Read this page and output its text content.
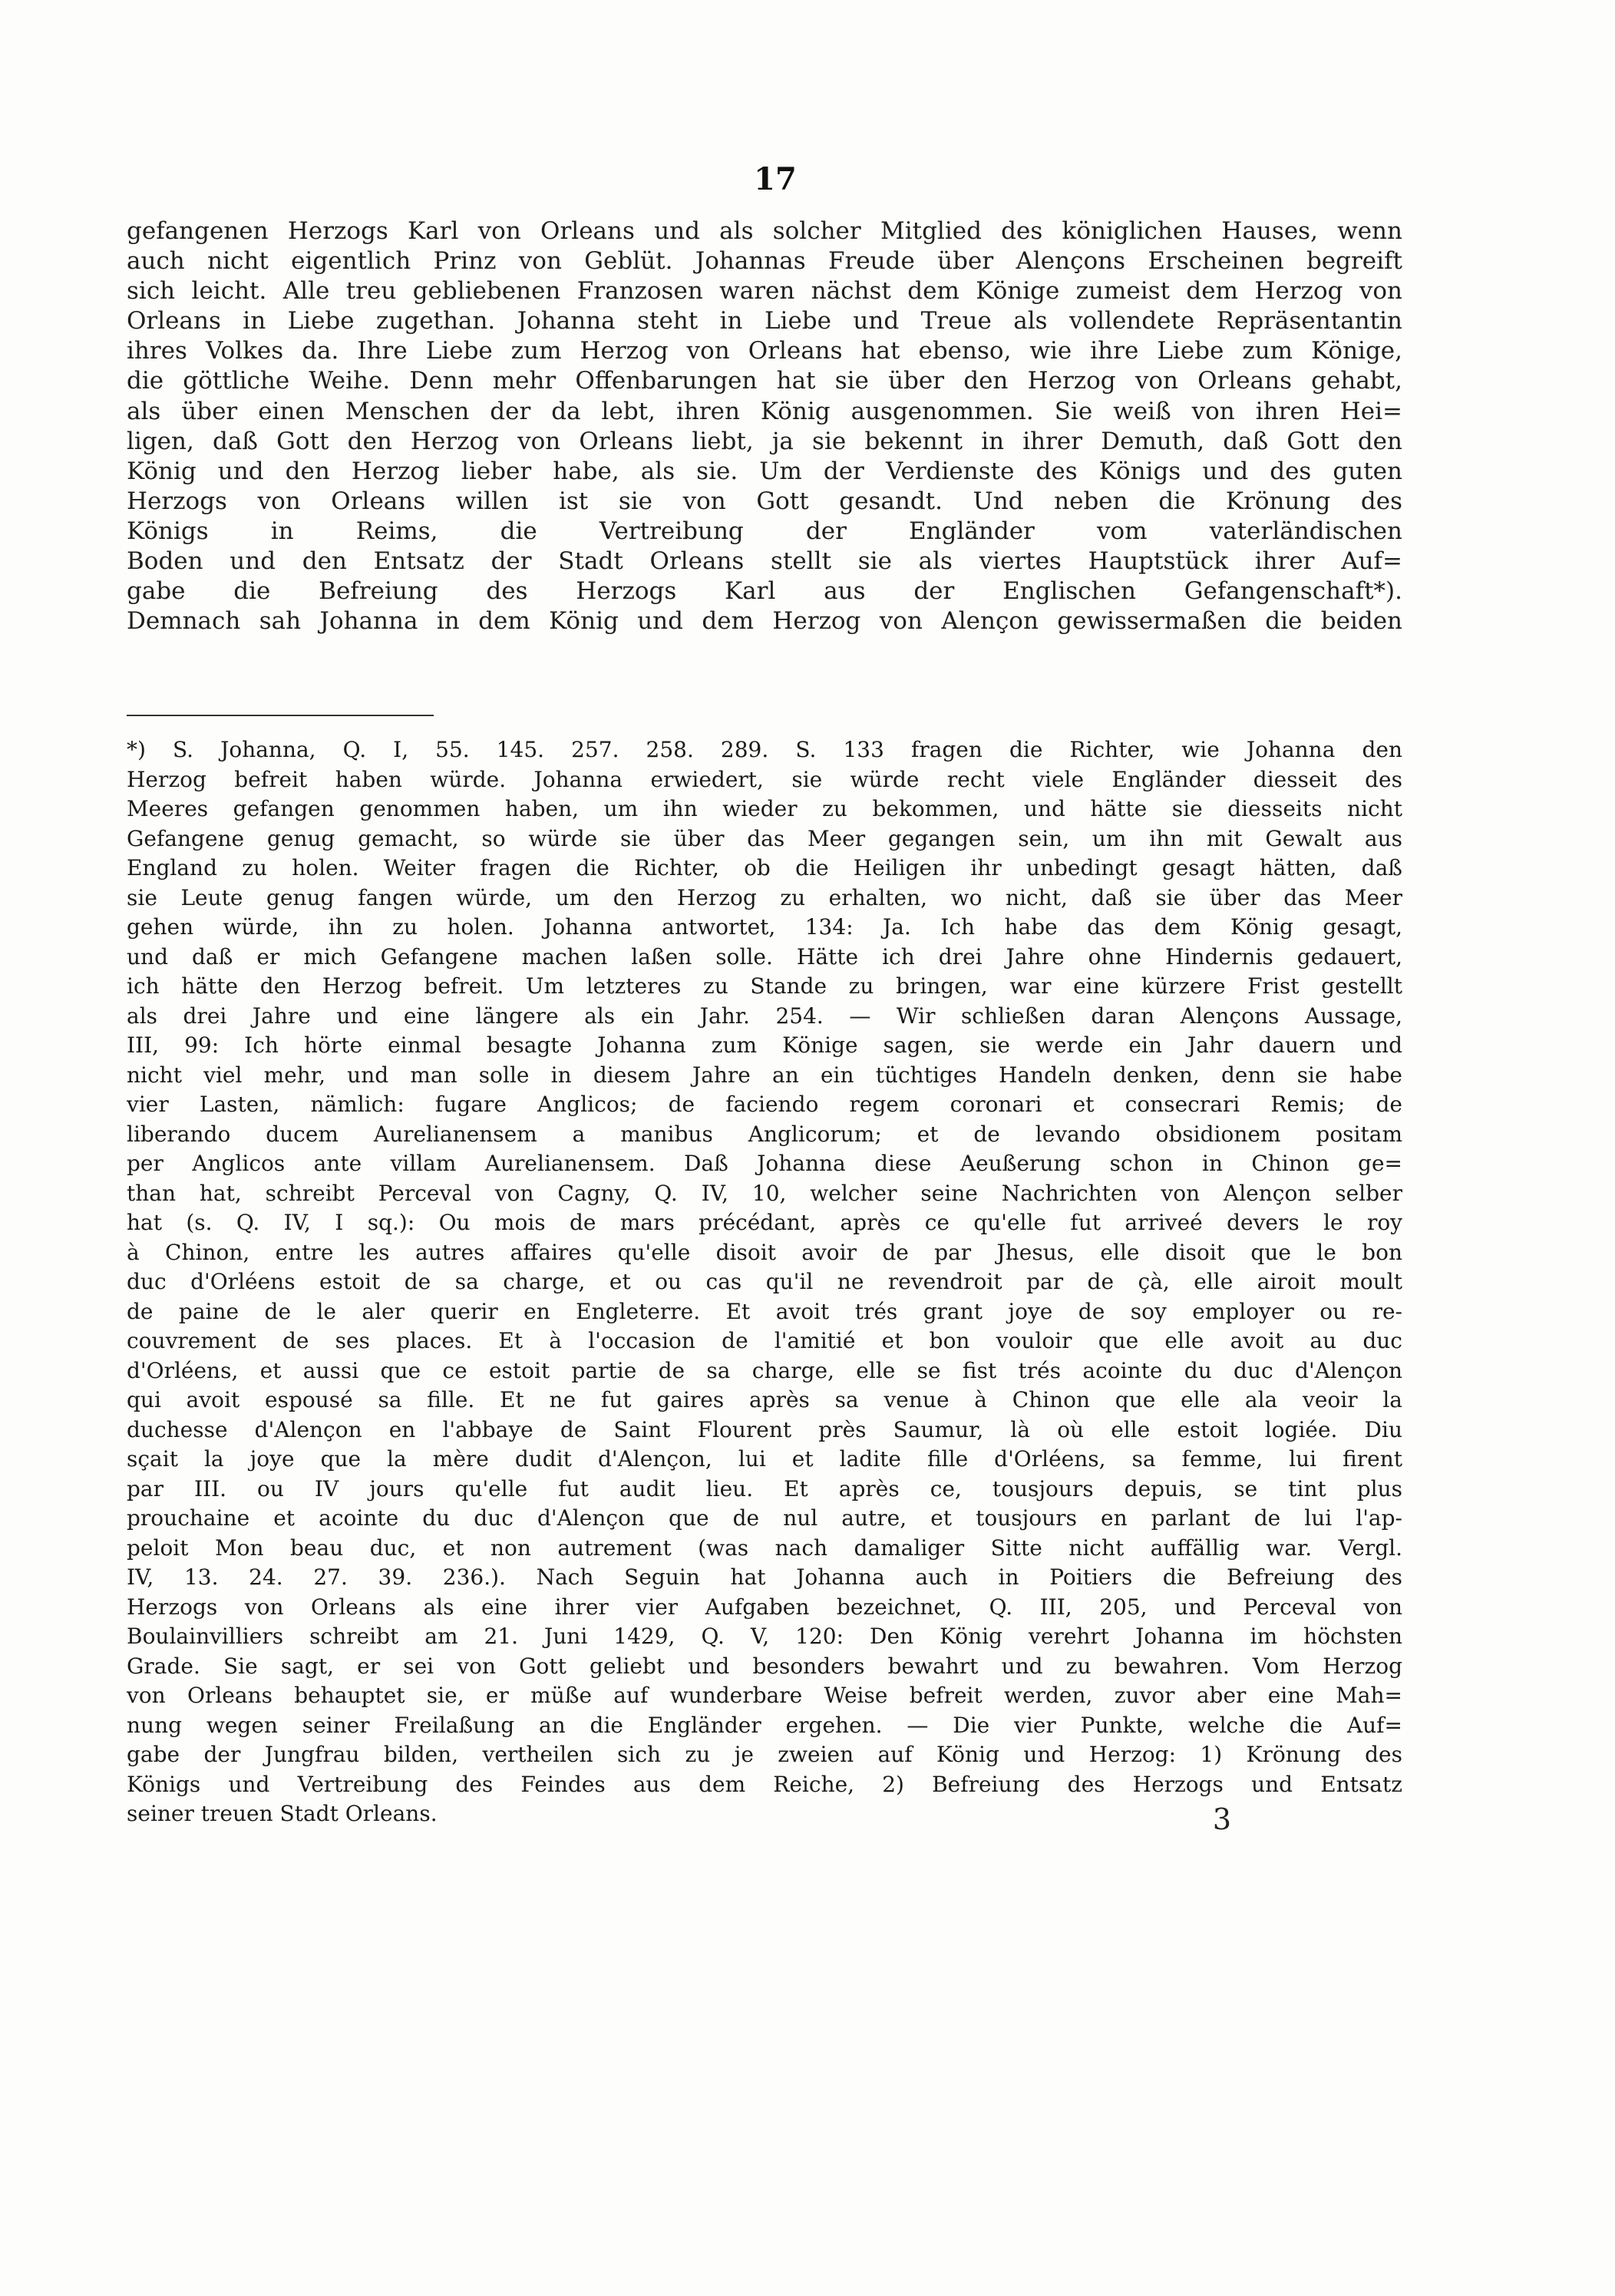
17
gefangenen Herzogs Karl von Orleans und als solcher Mitglied des königlichen Hauses, wenn
auch nicht eigentlich Prinz von Geblüt. Johannas Freude über Alençons Erscheinen begreift
sich leicht. Alle treu gebliebenen Franzosen waren nächst dem Könige zumeist dem Herzog von
Orleans in Liebe zugethan. Johanna steht in Liebe und Treue als vollendete Repräsentantin
ihres Volkes da. Ihre Liebe zum Herzog von Orleans hat ebenso, wie ihre Liebe zum Könige,
die göttliche Weihe. Denn mehr Offenbarungen hat sie über den Herzog von Orleans gehabt,
als über einen Menschen der da lebt, ihren König ausgenommen. Sie weiß von ihren Hei=
ligen, daß Gott den Herzog von Orleans liebt, ja sie bekennt in ihrer Demuth, daß Gott den
König und den Herzog lieber habe, als sie. Um der Verdienste des Königs und des guten
Herzogs von Orleans willen ist sie von Gott gesandt. Und neben die Krönung des
Königs in Reims, die Vertreibung der Engländer vom vaterländischen
Boden und den Entsatz der Stadt Orleans stellt sie als viertes Hauptstück ihrer Auf=
gabe die Befreiung des Herzogs Karl aus der Englischen Gefangenschaft*).
Demnach sah Johanna in dem König und dem Herzog von Alençon gewissermaßen die beiden
*) S. Johanna, Q. I, 55. 145. 257. 258. 289. S. 133 fragen die Richter, wie Johanna den
Herzog befreit haben würde. Johanna erwiedert, sie würde recht viele Engländer diesseit des
Meeres gefangen genommen haben, um ihn wieder zu bekommen, und hätte sie diesseits nicht
Gefangene genug gemacht, so würde sie über das Meer gegangen sein, um ihn mit Gewalt aus
England zu holen. Weiter fragen die Richter, ob die Heiligen ihr unbedingt gesagt hätten, daß
sie Leute genug fangen würde, um den Herzog zu erhalten, wo nicht, daß sie über das Meer
gehen würde, ihn zu holen. Johanna antwortet, 134: Ja. Ich habe das dem König gesagt,
und daß er mich Gefangene machen laßen solle. Hätte ich drei Jahre ohne Hindernis gedauert,
ich hätte den Herzog befreit. Um letzteres zu Stande zu bringen, war eine kürzere Frist gestellt
als drei Jahre und eine längere als ein Jahr. 254. — Wir schließen daran Alençons Aussage,
III, 99: Ich hörte einmal besagte Johanna zum Könige sagen, sie werde ein Jahr dauern und
nicht viel mehr, und man solle in diesem Jahre an ein tüchtiges Handeln denken, denn sie habe
vier Lasten, nämlich: fugare Anglicos; de faciendo regem coronari et consecrari Remis; de
liberando ducem Aurelianensem a manibus Anglicorum; et de levando obsidionem positam
per Anglicos ante villam Aurelianensem. Daß Johanna diese Aeußerung schon in Chinon ge=
than hat, schreibt Perceval von Cagny, Q. IV, 10, welcher seine Nachrichten von Alençon selber
hat (s. Q. IV, I sq.): Ou mois de mars précédant, après ce qu'elle fut arriveé devers le roy
à Chinon, entre les autres affaires qu'elle disoit avoir de par Jhesus, elle disoit que le bon
duc d'Orléens estoit de sa charge, et ou cas qu'il ne revendroit par de çà, elle airoit moult
de paine de le aler querir en Engleterre. Et avoit trés grant joye de soy employer ou re-
couvrement de ses places. Et à l'occasion de l'amitié et bon vouloir que elle avoit au duc
d'Orléens, et aussi que ce estoit partie de sa charge, elle se fist trés acointe du duc d'Alençon
qui avoit espousé sa fille. Et ne fut gaires après sa venue à Chinon que elle ala veoir la
duchesse d'Alençon en l'abbaye de Saint Flourent près Saumur, là où elle estoit logiée. Diu
sçait la joye que la mère dudit d'Alençon, lui et ladite fille d'Orléens, sa femme, lui firent
par III. ou IV jours qu'elle fut audit lieu. Et après ce, tousjours depuis, se tint plus
prouchaine et acointe du duc d'Alençon que de nul autre, et tousjours en parlant de lui l'ap-
peloit Mon beau duc, et non autrement (was nach damaliger Sitte nicht auffällig war. Vergl.
IV, 13. 24. 27. 39. 236.). Nach Seguin hat Johanna auch in Poitiers die Befreiung des
Herzogs von Orleans als eine ihrer vier Aufgaben bezeichnet, Q. III, 205, und Perceval von
Boulainvilliers schreibt am 21. Juni 1429, Q. V, 120: Den König verehrt Johanna im höchsten
Grade. Sie sagt, er sei von Gott geliebt und besonders bewahrt und zu bewahren. Vom Herzog
von Orleans behauptet sie, er müße auf wunderbare Weise befreit werden, zuvor aber eine Mah=
nung wegen seiner Freilaßung an die Engländer ergehen. — Die vier Punkte, welche die Auf=
gabe der Jungfrau bilden, vertheilen sich zu je zweien auf König und Herzog: 1) Krönung des
Königs und Vertreibung des Feindes aus dem Reiche, 2) Befreiung des Herzogs und Entsatz
seiner treuen Stadt Orleans.	3
